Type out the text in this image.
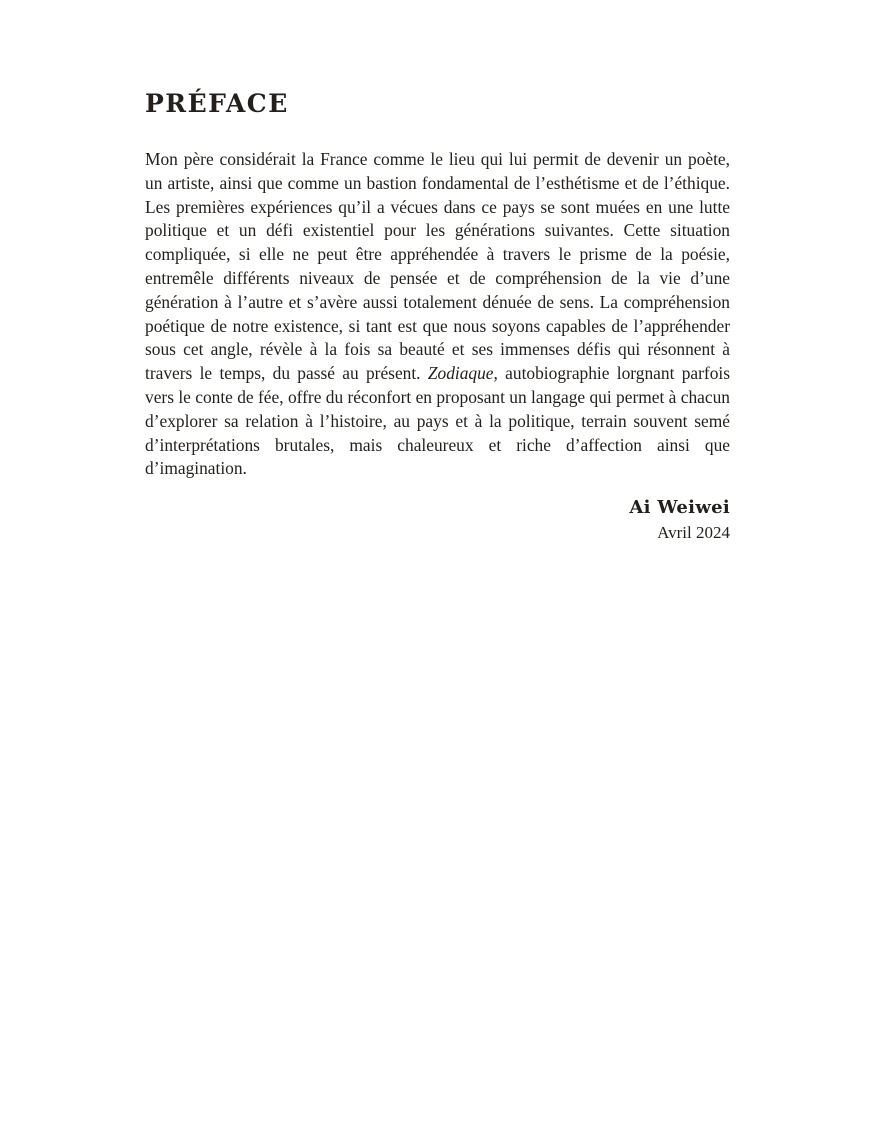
PRÉFACE

Mon père considérait la France comme le lieu qui lui permit de devenir un poète, un artiste, ainsi que comme un bastion fondamental de l’esthétisme et de l’éthique. Les premières expériences qu’il a vécues dans ce pays se sont muées en une lutte politique et un défi existentiel pour les générations suivantes. Cette situation compliquée, si elle ne peut être appréhendée à travers le prisme de la poésie, entremêle différents niveaux de pensée et de compréhension de la vie d’une génération à l’autre et s’avère aussi totalement dénuée de sens. La compréhension poétique de notre existence, si tant est que nous soyons capables de l’appréhender sous cet angle, révèle à la fois sa beauté et ses immenses défis qui résonnent à travers le temps, du passé au présent. Zodiaque, autobiographie lorgnant parfois vers le conte de fée, offre du réconfort en proposant un langage qui permet à chacun d’explorer sa relation à l’histoire, au pays et à la politique, terrain souvent semé d’interprétations brutales, mais chaleureux et riche d’affection ainsi que d’imagination.

Ai Weiwei
Avril 2024
